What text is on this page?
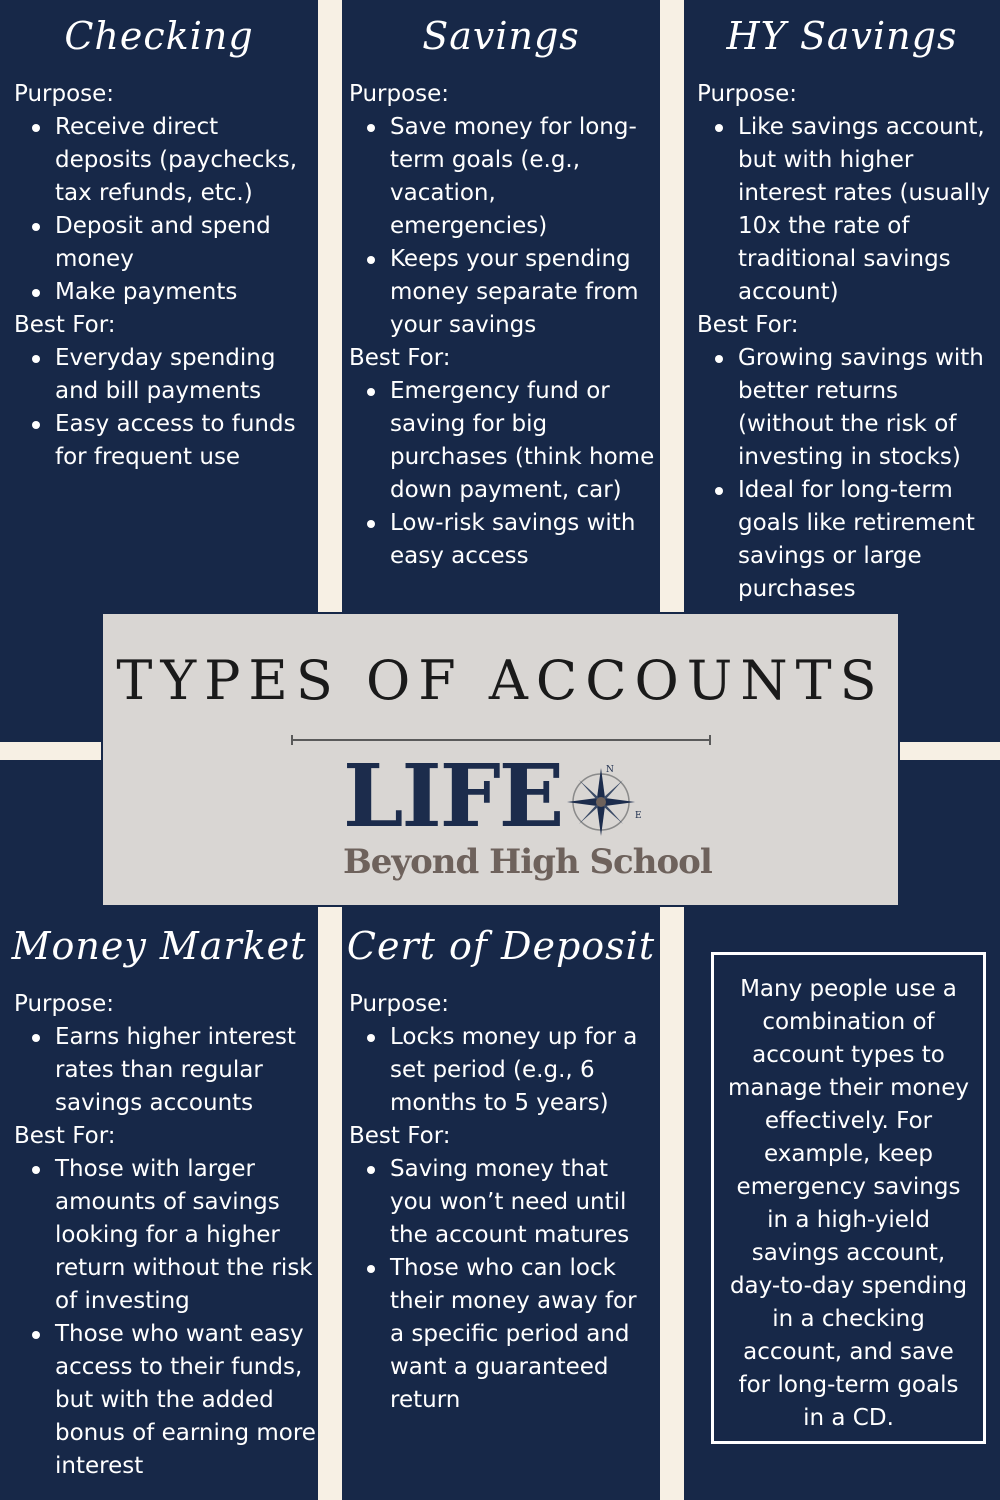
Checking
Purpose:
Receive direct deposits (paychecks, tax refunds, etc.)
Deposit and spend money
Make payments
Best For:
Everyday spending and bill payments
Easy access to funds for frequent use
Savings
Purpose:
Save money for long-term goals (e.g., vacation, emergencies)
Keeps your spending money separate from your savings
Best For:
Emergency fund or saving for big purchases (think home down payment, car)
Low-risk savings with easy access
HY Savings
Purpose:
Like savings account, but with higher interest rates (usually 10x the rate of traditional savings account)
Best For:
Growing savings with better returns (without the risk of investing in stocks)
Ideal for long-term goals like retirement savings or large purchases
Money Market
Purpose:
Earns higher interest rates than regular savings accounts
Best For:
Those with larger amounts of savings looking for a higher return without the risk of investing
Those who want easy access to their funds, but with the added bonus of earning more interest
Cert of Deposit
Purpose:
Locks money up for a set period (e.g., 6 months to 5 years)
Best For:
Saving money that you won’t need until the account matures
Those who can lock their money away for a specific period and want a guaranteed return
Many people use a combination of account types to manage their money effectively. For example, keep emergency savings in a high-yield savings account, day-to-day spending in a checking account, and save for long-term goals in a CD.
TYPES OF ACCOUNTS
LIFE	N
E
Beyond High School
